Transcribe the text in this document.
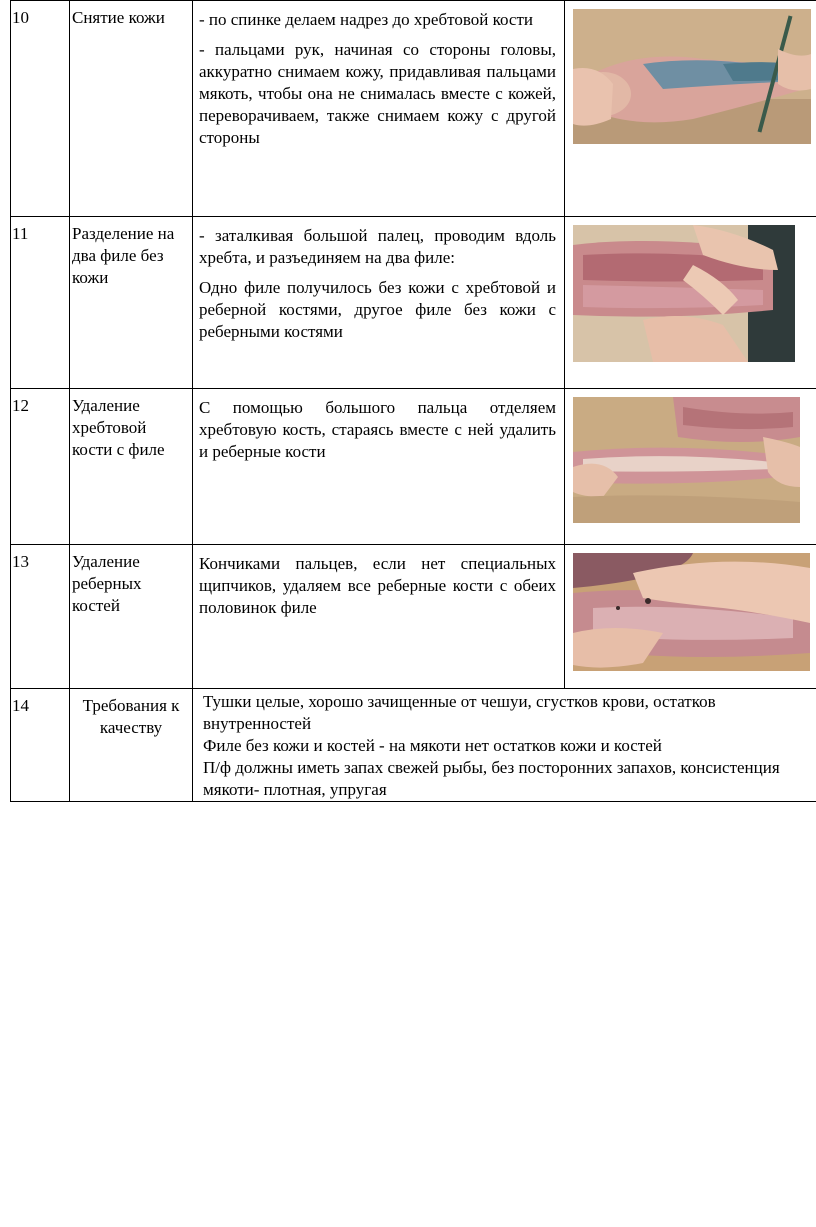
10	Снятие кожи	- по спинке делаем надрез до хребтовой кости

- пальцами рук, начиная со стороны головы, аккуратно снимаем кожу, придавливая пальцами мякоть, чтобы она не снималась вместе с кожей, переворачиваем, также снимаем кожу с другой стороны

11	Разделение на два филе без кожи	- заталкивая большой палец, проводим вдоль хребта, и разъединяем на два филе:

Одно филе получилось без кожи с хребтовой и реберной костями, другое филе без кожи с реберными костями

12	Удаление хребтовой кости с филе	С помощью большого пальца отделяем хребтовую кость, стараясь вместе с ней удалить и реберные кости

13	Удаление реберных костей	Кончиками пальцев, если нет специальных щипчиков, удаляем все реберные кости с обеих половинок филе

14	Требования к качеству	Тушки целые, хорошо зачищенные от чешуи, сгустков крови, остатков внутренностей
Филе без кожи и костей - на мякоти нет остатков кожи и костей
П/ф должны иметь запах свежей рыбы, без посторонних запахов, консистенция мякоти- плотная, упругая	
